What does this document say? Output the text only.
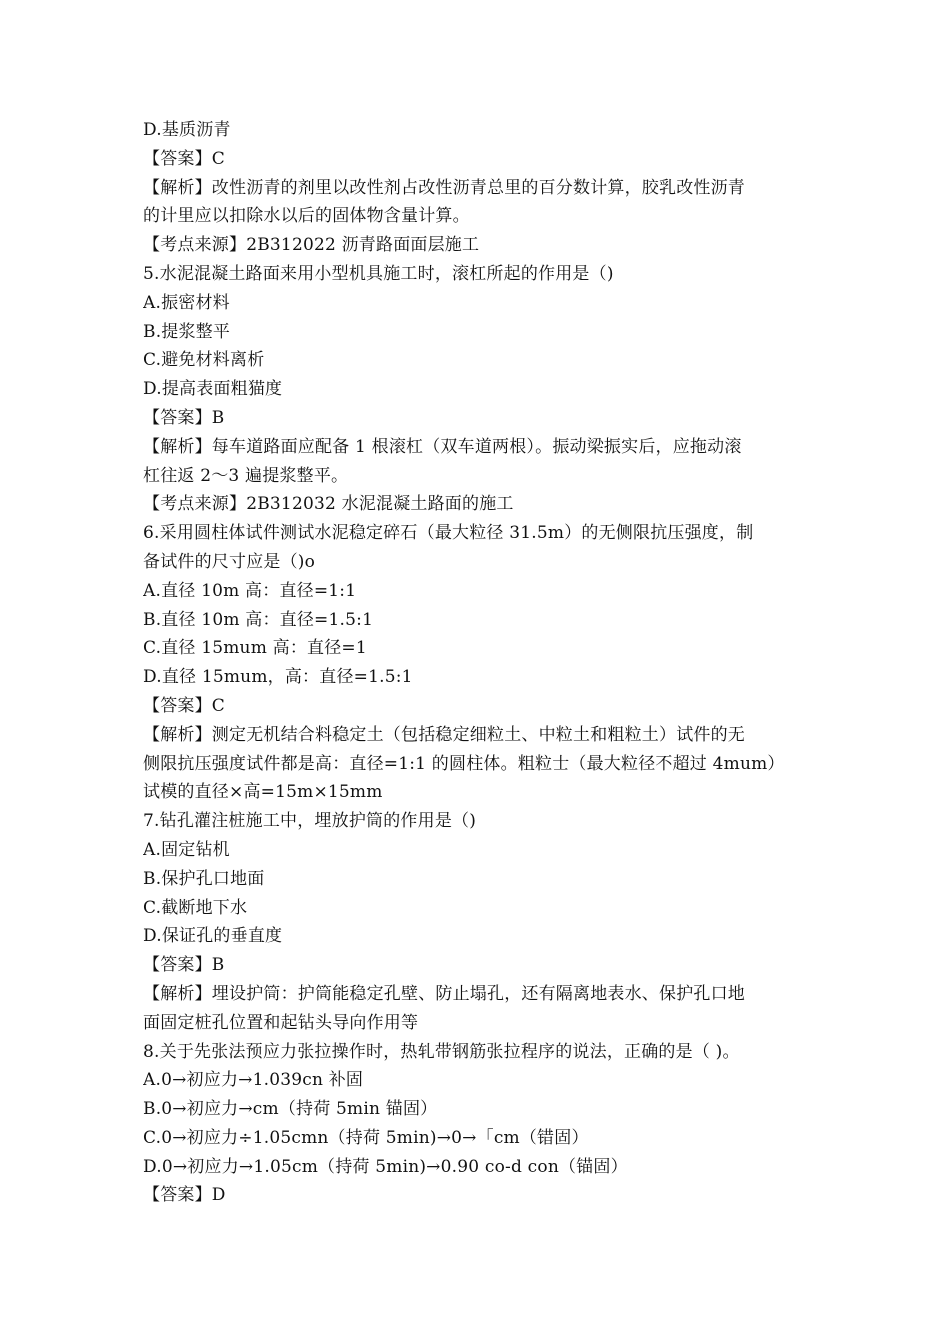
D.基质沥青
【答案】C
【解析】改性沥青的剂里以改性剂占改性沥青总里的百分数计算，胶乳改性沥青
的计里应以扣除水以后的固体物含量计算。
【考点来源】2B312022 沥青路面面层施工
5.水泥混凝土路面来用小型机具施工时，滚杠所起的作用是（)
A.振密材料
B.提浆整平
C.避免材料离析
D.提高表面粗猫度
【答案】B
【解析】每车道路面应配备 1 根滚杠（双车道两根）。振动梁振实后，应拖动滚
杠往返 2～3 遍提浆整平。
【考点来源】2B312032 水泥混凝土路面的施工
6.采用圆柱体试件测试水泥稳定碎石（最大粒径 31.5m）的无侧限抗压强度，制
备试件的尺寸应是（)o
A.直径 10m 高：直径=1:1
B.直径 10m 高：直径=1.5:1
C.直径 15mum 高：直径=1
D.直径 15mum，高：直径=1.5:1
【答案】C
【解析】测定无机结合料稳定土（包括稳定细粒土、中粒土和粗粒土）试件的无
侧限抗压强度试件都是高：直径=1:1 的圆柱体。粗粒士（最大粒径不超过 4mum）
试模的直径×高=15m×15mm
7.钻孔灌注桩施工中，埋放护筒的作用是（)
A.固定钻机
B.保护孔口地面
C.截断地下水
D.保证孔的垂直度
【答案】B
【解析】埋设护筒：护筒能稳定孔壁、防止塌孔，还有隔离地表水、保护孔口地
面固定桩孔位置和起钻头导向作用等
8.关于先张法预应力张拉操作时，热轧带钢筋张拉程序的说法，正确的是（ )。
A.0→初应力→1.039cn 补固
B.0→初应力→cm（持荷 5min 锚固）
C.0→初应力÷1.05cmn（持荷 5min)→0→「cm（错固）
D.0→初应力→1.05cm（持荷 5min)→0.90 co-d con（锚固）
【答案】D
